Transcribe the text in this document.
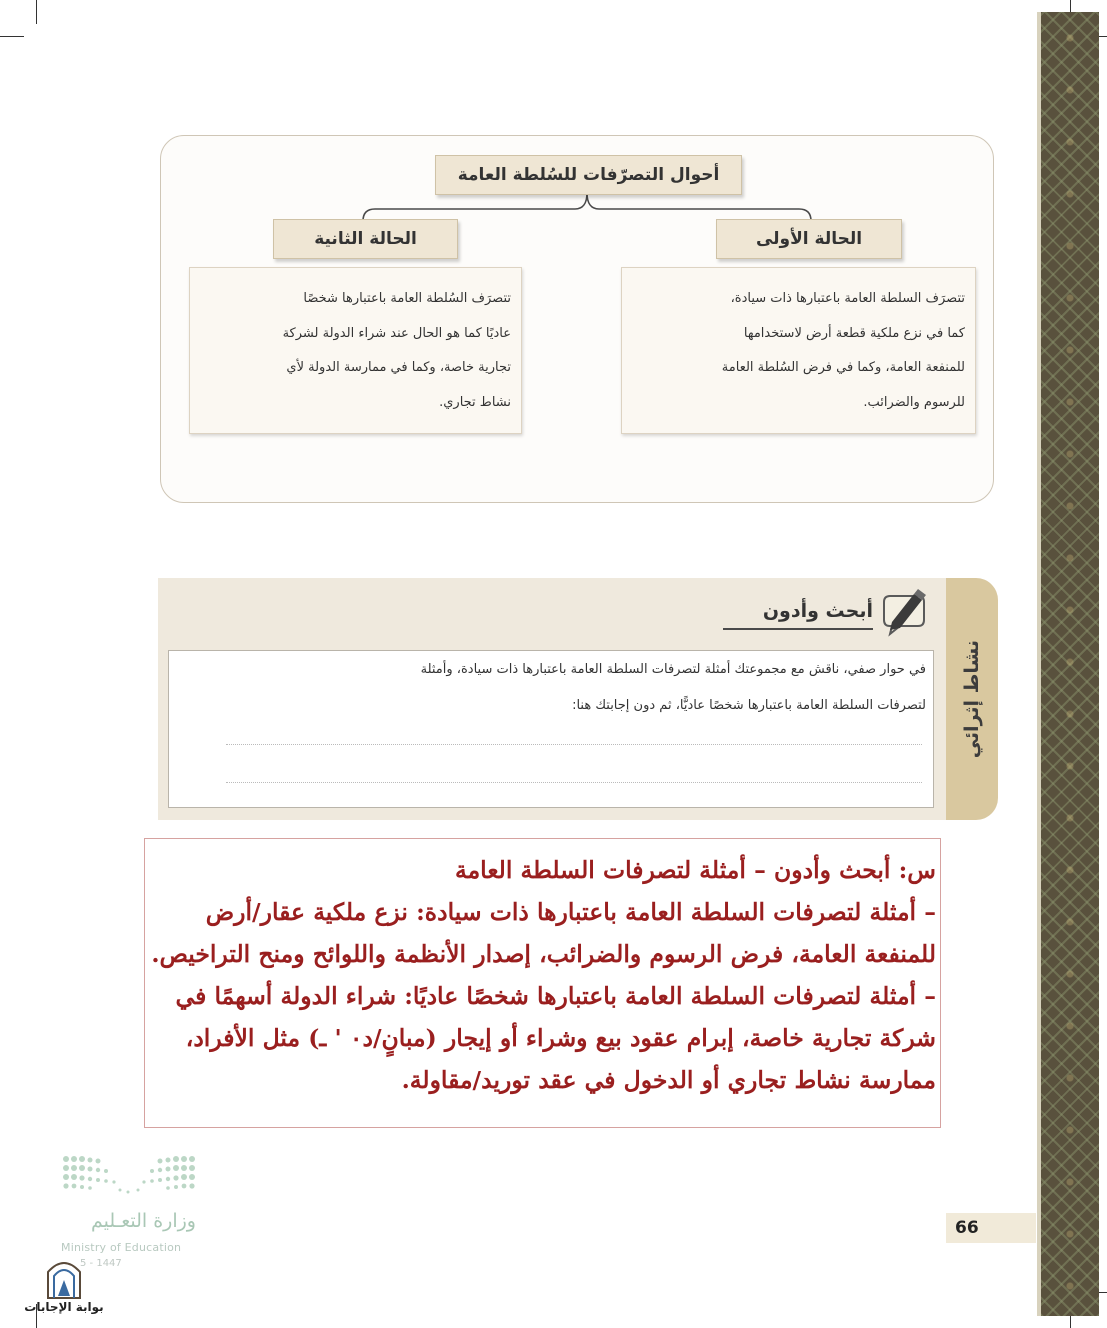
أحوال التصرّفات للسُلطة العامة
الحالة الأولى
الحالة الثانية
تتصرَف السلطة العامة باعتبارها ذات سيادة،
كما في نزع ملكية قطعة أرض لاستخدامها
للمنفعة العامة، وكما في فرض السُلطة العامة
للرسوم والضرائب.
تتصرَف السُلطة العامة باعتبارها شخصًا
عاديًا كما هو الحال عند شراء الدولة لشركة
تجارية خاصة، وكما في ممارسة الدولة لأي
نشاط تجاري.
أبحث وأدون
في حوار صفي، ناقش مع مجموعتك أمثلة لتصرفات السلطة العامة باعتبارها ذات سيادة، وأمثلة
لتصرفات السلطة العامة باعتبارها شخصًا عاديًّا، ثم دون إجابتك هنا: نشاط إثرائي

س: أبحث وأدون – أمثلة لتصرفات السلطة العامة

– أمثلة لتصرفات السلطة العامة باعتبارها ذات سيادة: نزع ملكية عقار/أرض

للمنفعة العامة، فرض الرسوم والضرائب، إصدار الأنظمة واللوائح ومنح التراخيص.

– أمثلة لتصرفات السلطة العامة باعتبارها شخصًا عاديًا: شراء الدولة أسهمًا في

شركة تجارية خاصة، إبرام عقود بيع وشراء أو إيجار (مبانٍ/د٠ ' ـ) مثل الأفراد،

ممارسة نشاط تجاري أو الدخول في عقد توريد/مقاولة.

وزارة التعـليم
Ministry of Education
5 - 1447
بوابة الإجابات
66
